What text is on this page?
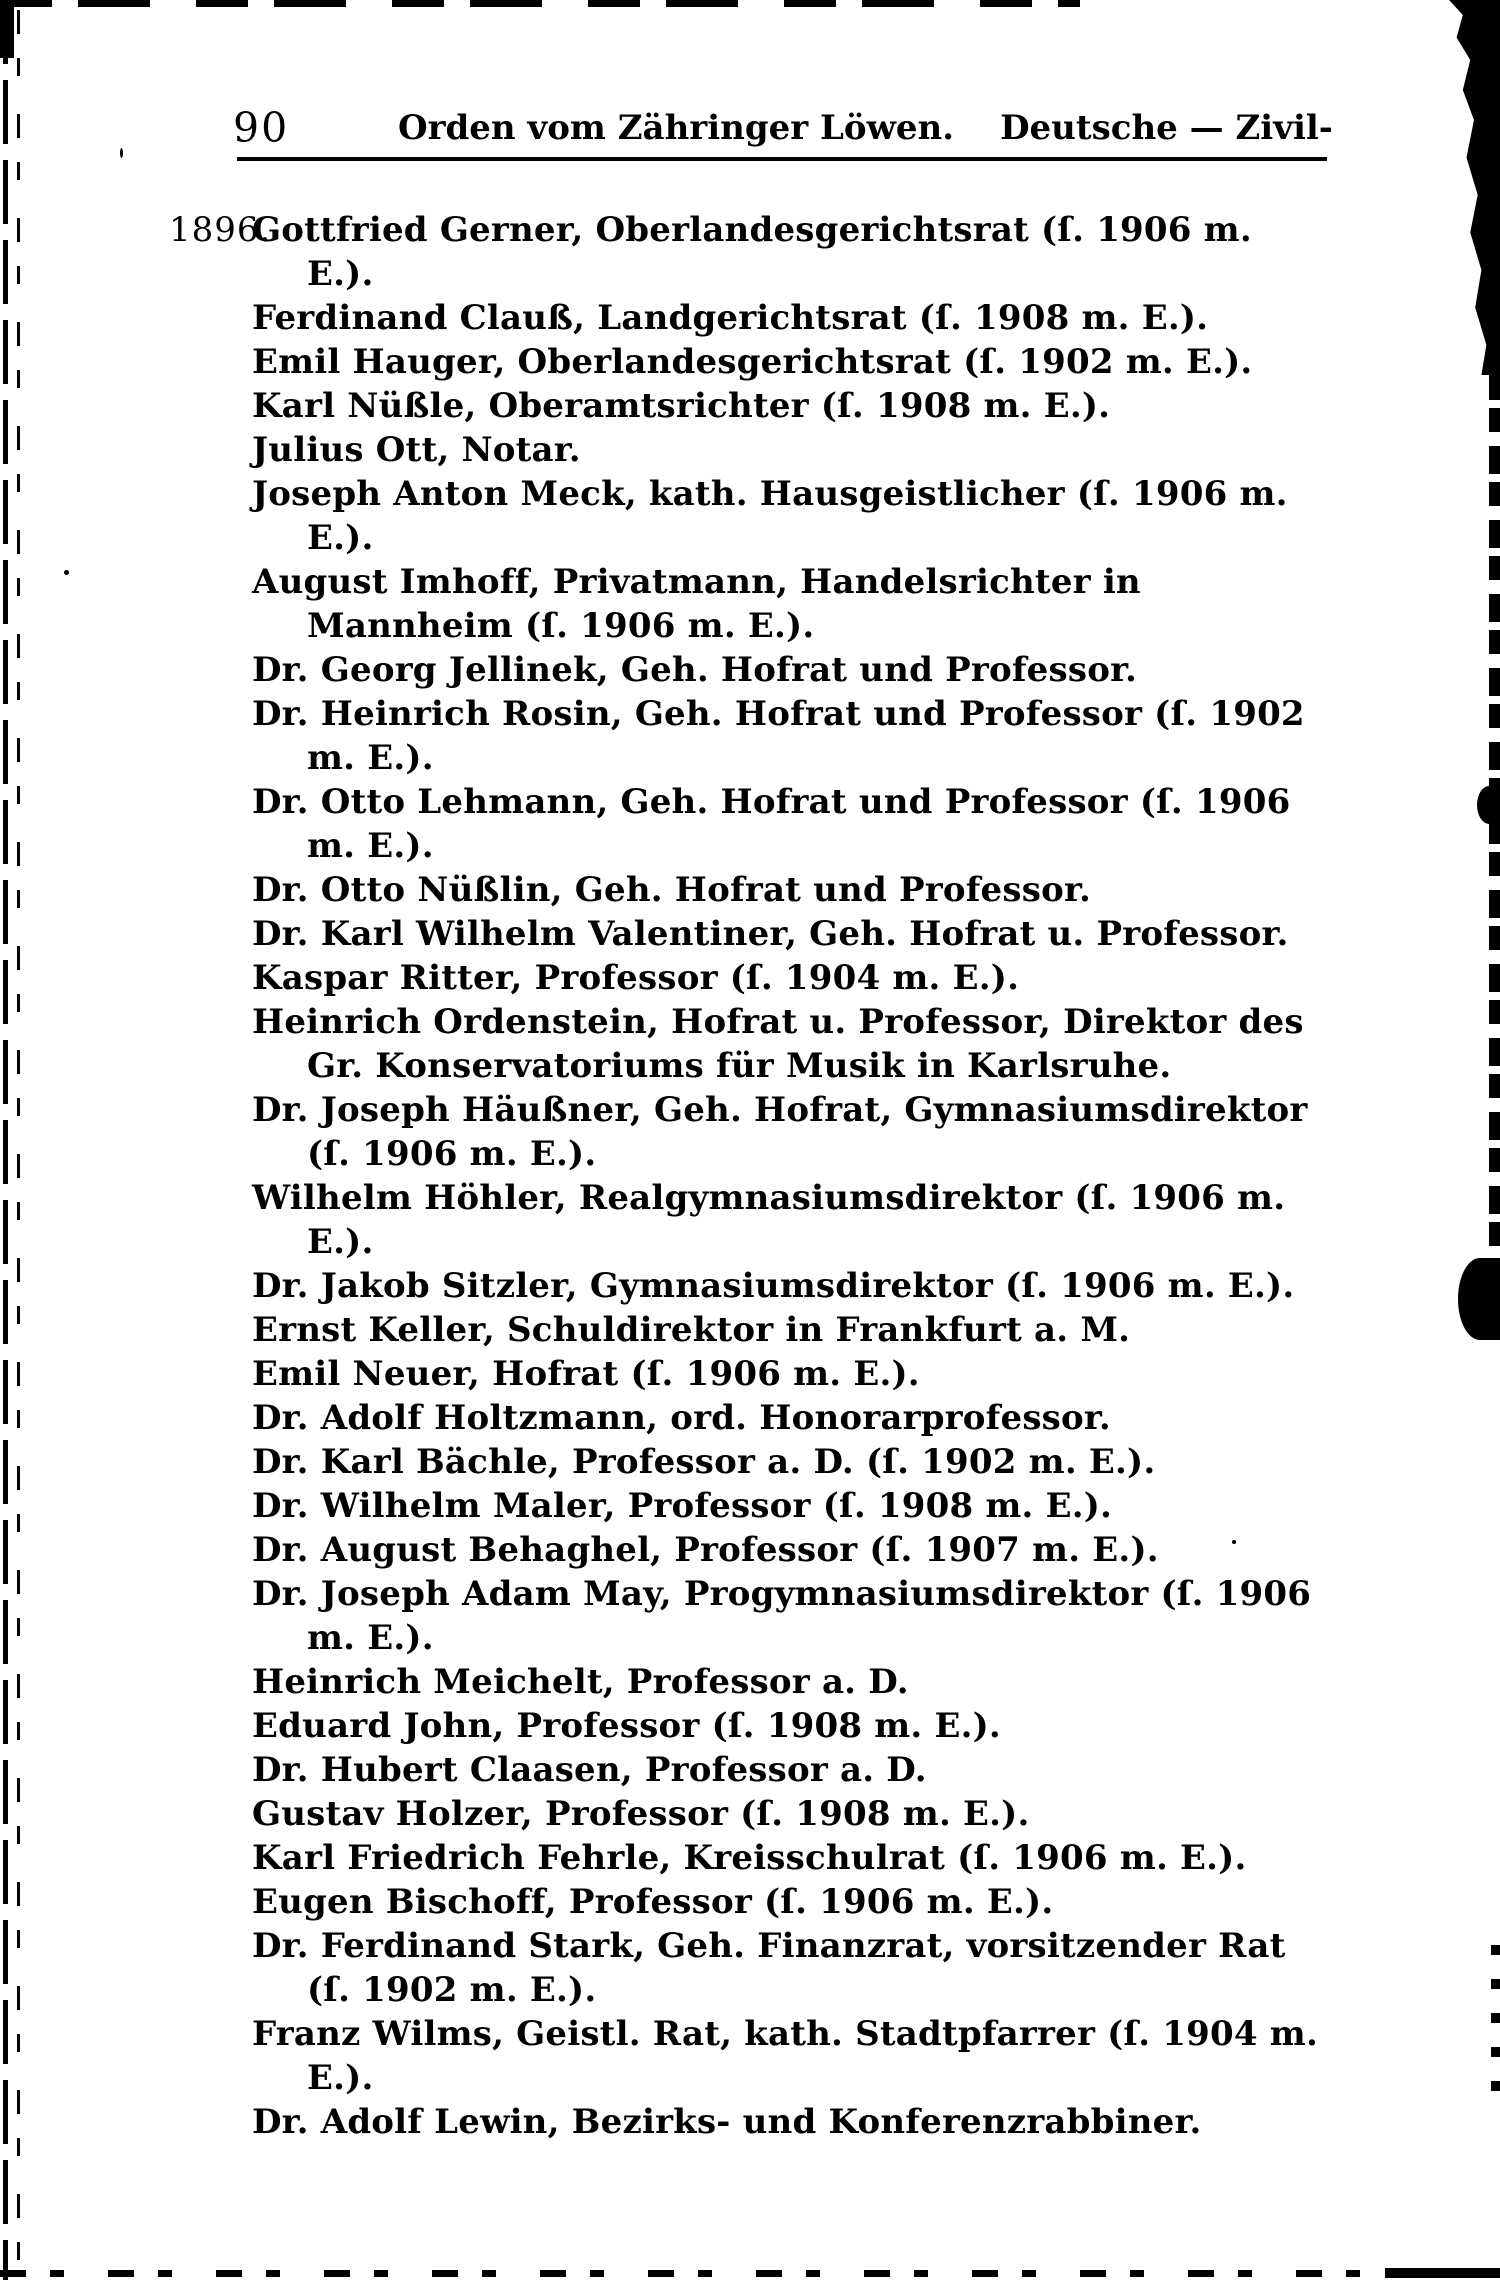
90	Orden vom Zähringer Löwen. Deutsche — Zivil-

1896.
Gottfried Gerner, Oberlandesgerichtsrat (ſ. 1906 m. E.).

Ferdinand Clauß, Landgerichtsrat (ſ. 1908 m. E.).

Emil Hauger, Oberlandesgerichtsrat (ſ. 1902 m. E.).

Karl Nüßle, Oberamtsrichter (ſ. 1908 m. E.).

Julius Ott, Notar.

Joseph Anton Meck, kath. Hausgeistlicher (ſ. 1906 m. E.).

August Imhoff, Privatmann, Handelsrichter in Mannheim (ſ. 1906 m. E.).

Dr. Georg Jellinek, Geh. Hofrat und Professor.

Dr. Heinrich Rosin, Geh. Hofrat und Professor (ſ. 1902 m. E.).

Dr. Otto Lehmann, Geh. Hofrat und Professor (ſ. 1906 m. E.).

Dr. Otto Nüßlin, Geh. Hofrat und Professor.

Dr. Karl Wilhelm Valentiner, Geh. Hofrat u. Professor.

Kaspar Ritter, Professor (ſ. 1904 m. E.).

Heinrich Ordenstein, Hofrat u. Professor, Direktor des Gr. Konservatoriums für Musik in Karlsruhe.

Dr. Joseph Häußner, Geh. Hofrat, Gymnasiumsdirektor (ſ. 1906 m. E.).

Wilhelm Höhler, Realgymnasiumsdirektor (ſ. 1906 m. E.).

Dr. Jakob Sitzler, Gymnasiumsdirektor (ſ. 1906 m. E.).

Ernst Keller, Schuldirektor in Frankfurt a. M.

Emil Neuer, Hofrat (ſ. 1906 m. E.).

Dr. Adolf Holtzmann, ord. Honorarprofessor.

Dr. Karl Bächle, Professor a. D. (ſ. 1902 m. E.).

Dr. Wilhelm Maler, Professor (ſ. 1908 m. E.).

Dr. August Behaghel, Professor (ſ. 1907 m. E.).

Dr. Joseph Adam May, Progymnasiumsdirektor (ſ. 1906 m. E.).

Heinrich Meichelt, Professor a. D.

Eduard John, Professor (ſ. 1908 m. E.).

Dr. Hubert Claasen, Professor a. D.

Gustav Holzer, Professor (ſ. 1908 m. E.).

Karl Friedrich Fehrle, Kreisschulrat (ſ. 1906 m. E.).

Eugen Bischoff, Professor (ſ. 1906 m. E.).

Dr. Ferdinand Stark, Geh. Finanzrat, vorsitzender Rat (ſ. 1902 m. E.).

Franz Wilms, Geistl. Rat, kath. Stadtpfarrer (ſ. 1904 m. E.).

Dr. Adolf Lewin, Bezirks- und Konferenzrabbiner.
